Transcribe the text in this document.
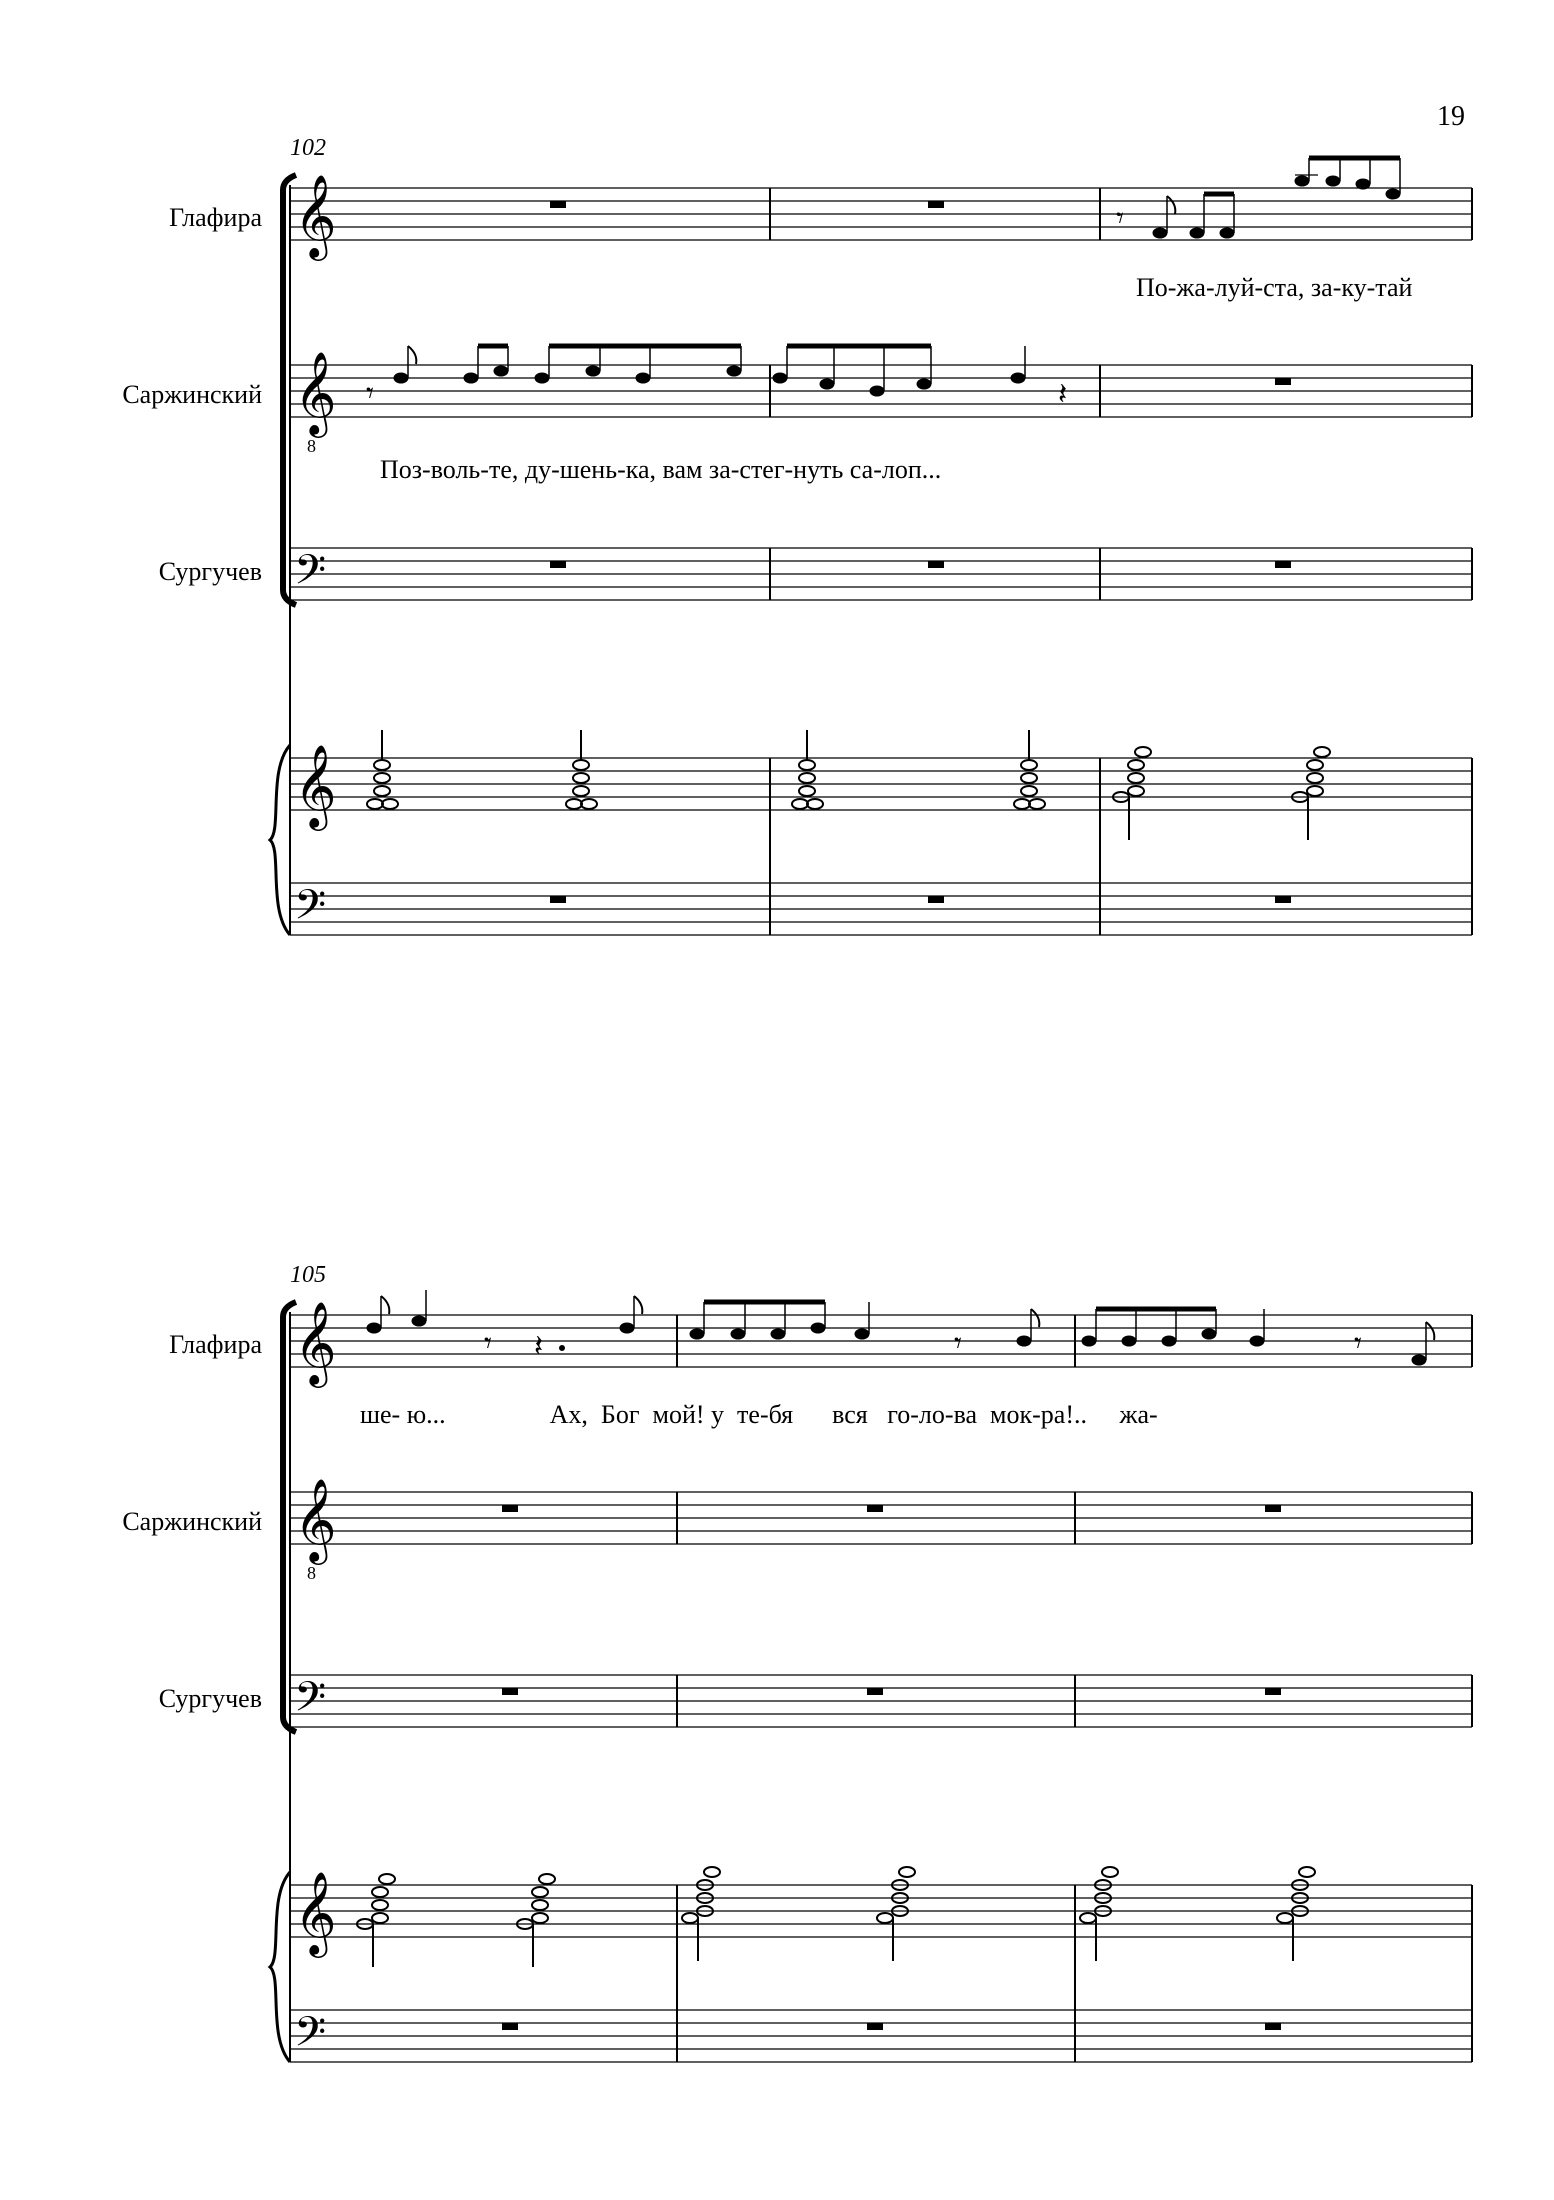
19
102
Глафира
Саржинский
Сургучев
𝄞	𝄾
По-жа-луй-ста, за-ку-тай
𝄞
8
𝄾	𝄽
Поз-воль-те, ду-шень-ка, вам за-стег-нуть са-лоп...
𝄢
𝄞
𝄢
105
Глафира
Саржинский
Сургучев
𝄞	𝄾 𝄽	𝄾	𝄾
ше- ю...                Ах,  Бог  мой! у  те-бя      вся   го-ло-ва  мок-ра!..     жа-
𝄞
8
𝄢
𝄞
𝄢
